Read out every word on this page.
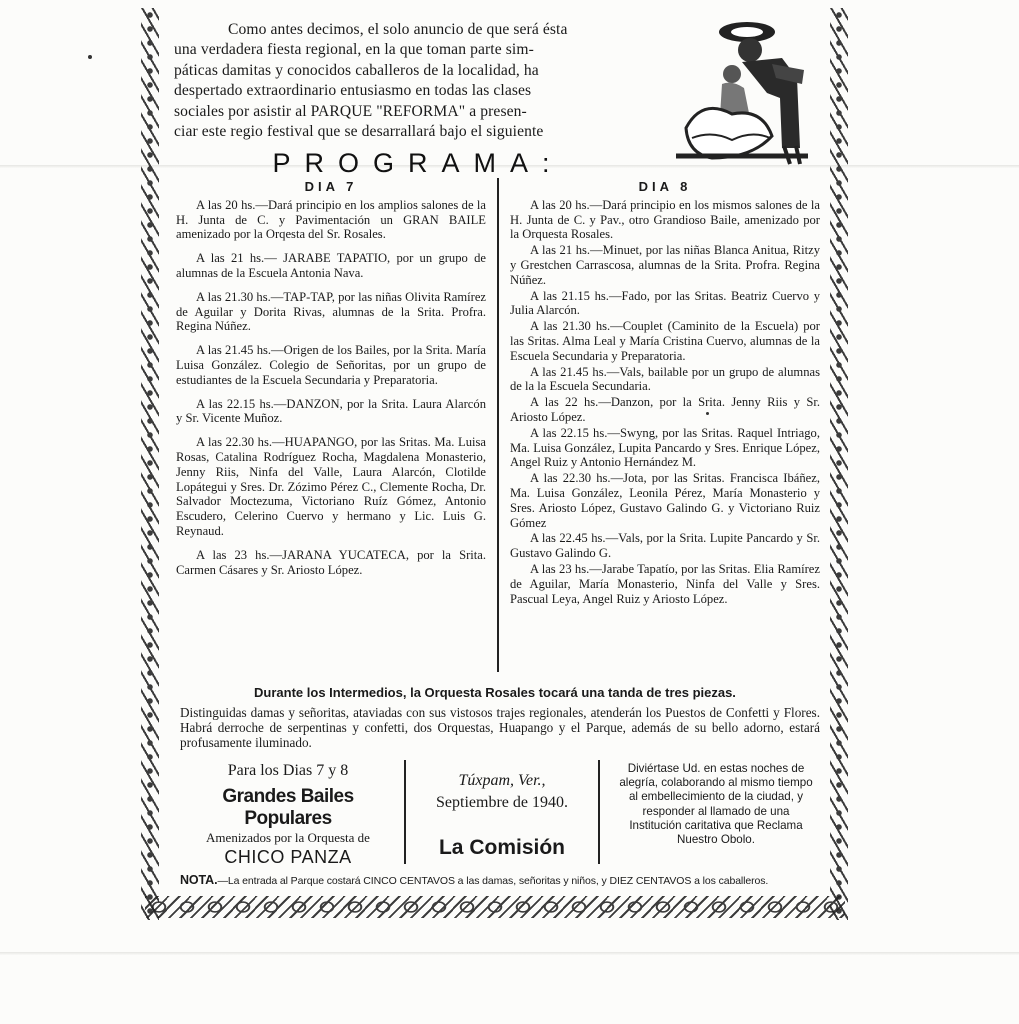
Como antes decimos, el solo anuncio de que será ésta
una verdadera fiesta regional, en la que toman parte sim-
páticas damitas y conocidos caballeros de la localidad, ha
despertado extraordinario entusiasmo en todas las clases
sociales por asistir al PARQUE "REFORMA" a presen-
ciar este regio festival que se desarrallará bajo el siguiente
PROGRAMA:
DIA 7

A las 20 hs.—Dará principio en los amplios salones de la H. Junta de C. y Pavimentación un GRAN BAILE amenizado por la Orqesta del Sr. Rosales.

A las 21 hs.— JARABE TAPATIO, por un grupo de alumnas de la Escuela Antonia Nava.

A las 21.30 hs.—TAP-TAP, por las niñas Olivita Ramírez de Aguilar y Dorita Rivas, alumnas de la Srita. Profra. Regina Núñez.

A las 21.45 hs.—Origen de los Bailes, por la Srita. María Luisa González. Colegio de Señoritas, por un grupo de estudiantes de la Escuela Secundaria y Preparatoria.

A las 22.15 hs.—DANZON, por la Srita. Laura Alarcón y Sr. Vicente Muñoz.

A las 22.30 hs.—HUAPANGO, por las Sritas. Ma. Luisa Rosas, Catalina Rodríguez Rocha, Magdalena Monasterio, Jenny Riis, Ninfa del Valle, Laura Alarcón, Clotilde Lopátegui y Sres. Dr. Zózimo Pérez C., Clemente Rocha, Dr. Salvador Moctezuma, Victoriano Ruíz Gómez, Antonio Escudero, Celerino Cuervo y hermano y Lic. Luis G. Reynaud.

A las 23 hs.—JARANA YUCATECA, por la Srita. Carmen Cásares y Sr. Ariosto López.

DIA 8

A las 20 hs.—Dará principio en los mismos salones de la H. Junta de C. y Pav., otro Grandioso Baile, amenizado por la Orquesta Rosales.

A las 21 hs.—Minuet, por las niñas Blanca Anitua, Ritzy y Grestchen Carrascosa, alumnas de la Srita. Profra. Regina Núñez.

A las 21.15 hs.—Fado, por las Sritas. Beatriz Cuervo y Julia Alarcón.

A las 21.30 hs.—Couplet (Caminito de la Escuela) por las Sritas. Alma Leal y María Cristina Cuervo, alumnas de la Escuela Secundaria y Preparatoria.

A las 21.45 hs.—Vals, bailable por un grupo de alumnas de la la Escuela Secundaria.

A las 22 hs.—Danzon, por la Srita. Jenny Riis y Sr. Ariosto López.

A las 22.15 hs.—Swyng, por las Sritas. Raquel Intriago, Ma. Luisa González, Lupita Pancardo y Sres. Enrique López, Angel Ruiz y Antonio Hernández M.

A las 22.30 hs.—Jota, por las Sritas. Francisca Ibáñez, Ma. Luisa González, Leonila Pérez, María Monasterio y Sres. Ariosto López, Gustavo Galindo G. y Victoriano Ruiz Gómez

A las 22.45 hs.—Vals, por la Srita. Lupite Pancardo y Sr. Gustavo Galindo G.

A las 23 hs.—Jarabe Tapatío, por las Sritas. Elia Ramírez de Aguilar, María Monasterio, Ninfa del Valle y Sres. Pascual Leya, Angel Ruiz y Ariosto López.

Durante los Intermedios, la Orquesta Rosales tocará una tanda de tres piezas.
Distinguidas damas y señoritas, ataviadas con sus vistosos trajes regionales, atenderán los Puestos de Confetti y Flores. Habrá derroche de serpentinas y confetti, dos Orquestas, Huapango y el Parque, además de su bello adorno, estará profusamente iluminado.
Para los Dias 7 y 8
Grandes Bailes Populares
Amenizados por la Orquesta de
CHICO PANZA
Túxpam, Ver.,
Septiembre de 1940.
La Comisión
Diviértase Ud. en estas noches de alegría, colaborando al mismo tiempo al embellecimiento de la ciudad, y responder al llamado de una Institución caritativa que Reclama Nuestro Obolo.
NOTA.—La entrada al Parque costará CINCO CENTAVOS a las damas, señoritas y niños, y DIEZ CENTAVOS a los caballeros.
